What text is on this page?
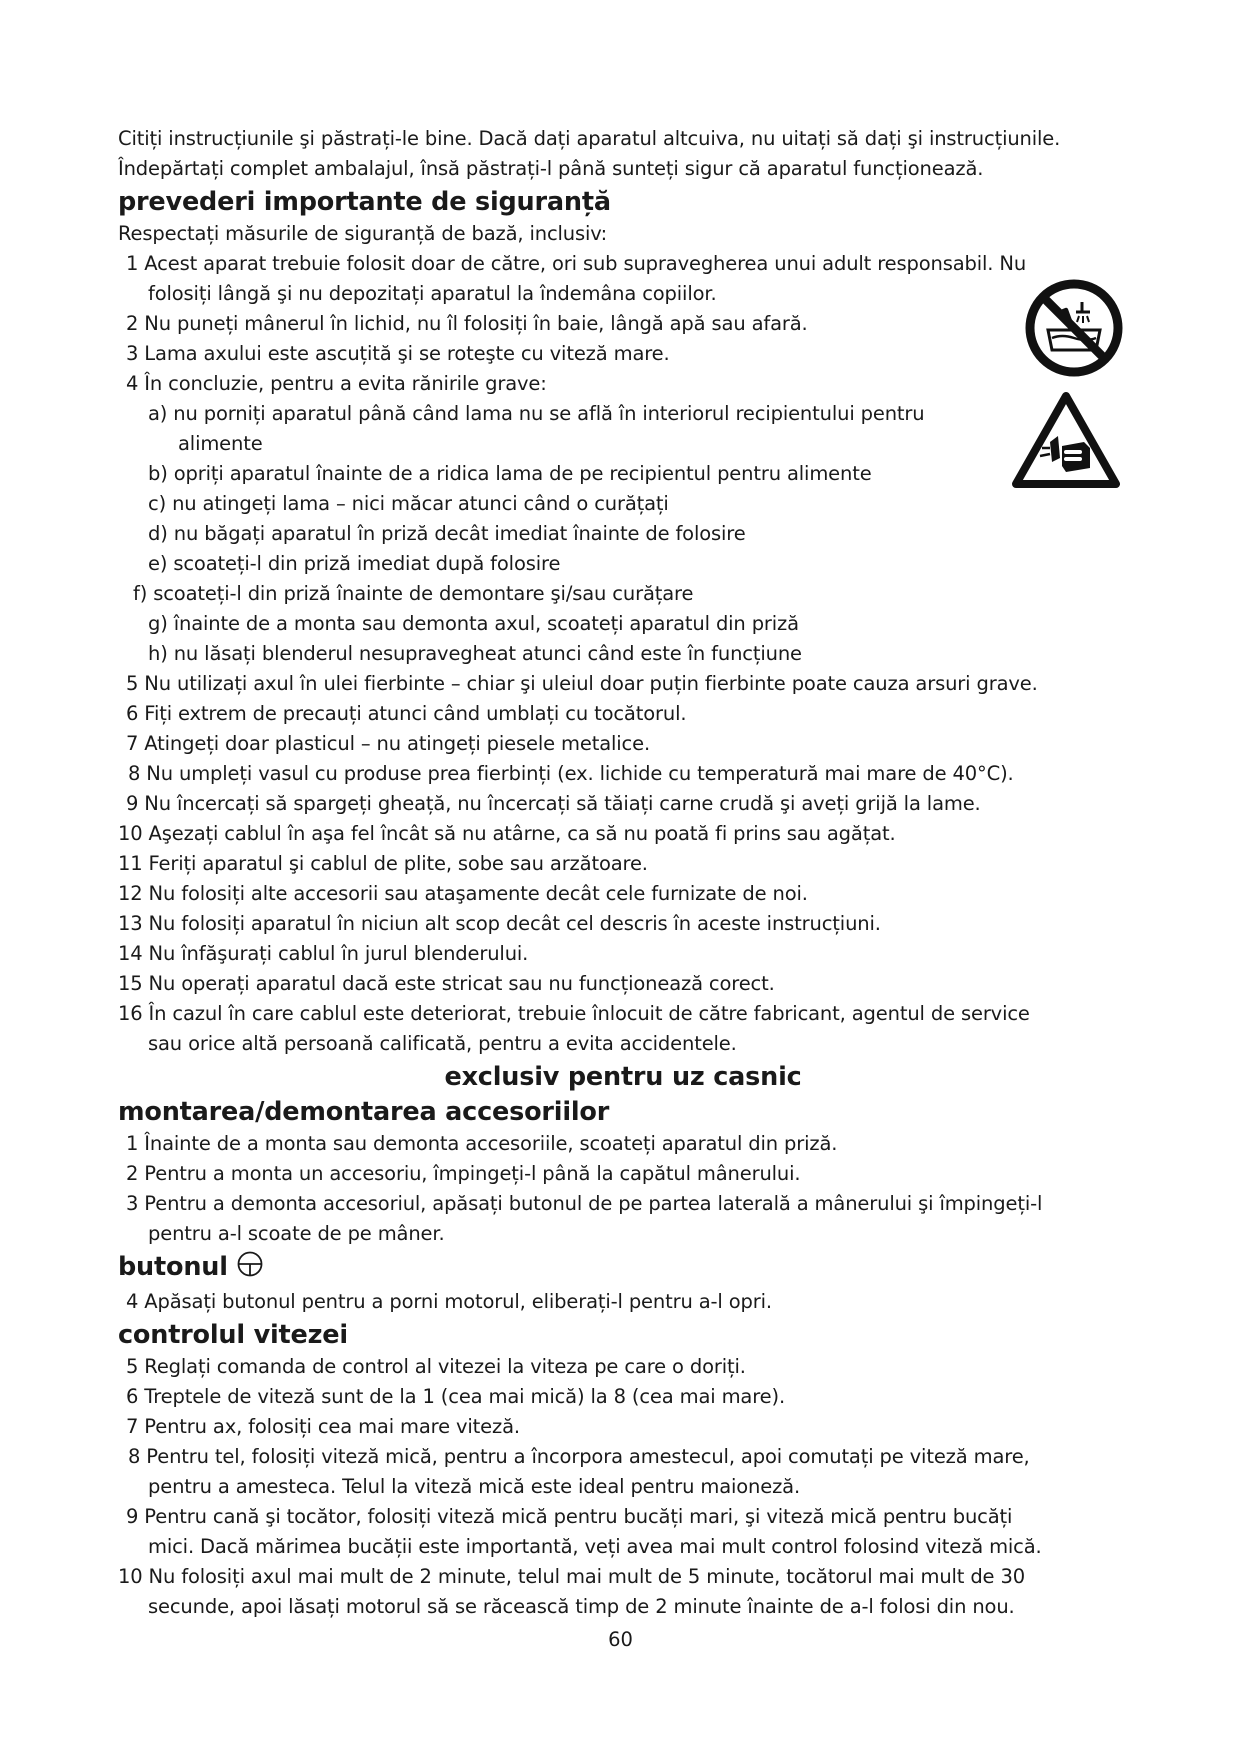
Citiți instrucțiunile şi păstrați-le bine. Dacă dați aparatul altcuiva, nu uitați să dați şi instrucțiunile.
Îndepărtați complet ambalajul, însă păstrați-l până sunteți sigur că aparatul funcționează.
prevederi importante de siguranță
Respectați măsurile de siguranță de bază, inclusiv:
1 Acest aparat trebuie folosit doar de către, ori sub supravegherea unui adult responsabil. Nu
folosiți lângă şi nu depozitați aparatul la îndemâna copiilor.
2 Nu puneți mânerul în lichid, nu îl folosiți în baie, lângă apă sau afară.
3 Lama axului este ascuțită şi se roteşte cu viteză mare.
4 În concluzie, pentru a evita rănirile grave:
a) nu porniți aparatul până când lama nu se află în interiorul recipientului pentru
alimente
b) opriți aparatul înainte de a ridica lama de pe recipientul pentru alimente
c) nu atingeți lama – nici măcar atunci când o curățați
d) nu băgați aparatul în priză decât imediat înainte de folosire
e) scoateți-l din priză imediat după folosire
f) scoateți-l din priză înainte de demontare şi/sau curățare
g) înainte de a monta sau demonta axul, scoateți aparatul din priză
h) nu lăsați blenderul nesupravegheat atunci când este în funcțiune
5 Nu utilizați axul în ulei fierbinte – chiar şi uleiul doar puțin fierbinte poate cauza arsuri grave.
6 Fiți extrem de precauți atunci când umblați cu tocătorul.
7 Atingeți doar plasticul – nu atingeți piesele metalice.
8 Nu umpleți vasul cu produse prea fierbinți (ex. lichide cu temperatură mai mare de 40°C).
9 Nu încercați să spargeți gheață, nu încercați să tăiați carne crudă şi aveți grijă la lame.
10 Aşezați cablul în aşa fel încât să nu atârne, ca să nu poată fi prins sau agățat.
11 Feriți aparatul şi cablul de plite, sobe sau arzătoare.
12 Nu folosiți alte accesorii sau ataşamente decât cele furnizate de noi.
13 Nu folosiți aparatul în niciun alt scop decât cel descris în aceste instrucțiuni.
14 Nu înfăşurați cablul în jurul blenderului.
15 Nu operați aparatul dacă este stricat sau nu funcționează corect.
16 În cazul în care cablul este deteriorat, trebuie înlocuit de către fabricant, agentul de service
sau orice altă persoană calificată, pentru a evita accidentele.
exclusiv pentru uz casnic
montarea/demontarea accesoriilor
1 Înainte de a monta sau demonta accesoriile, scoateți aparatul din priză.
2 Pentru a monta un accesoriu, împingeți-l până la capătul mânerului.
3 Pentru a demonta accesoriul, apăsați butonul de pe partea laterală a mânerului şi împingeți-l
pentru a-l scoate de pe mâner.
butonul
4 Apăsați butonul pentru a porni motorul, eliberați-l pentru a-l opri.
controlul vitezei
5 Reglați comanda de control al vitezei la viteza pe care o doriți.
6 Treptele de viteză sunt de la 1 (cea mai mică) la 8 (cea mai mare).
7 Pentru ax, folosiți cea mai mare viteză.
8 Pentru tel, folosiți viteză mică, pentru a încorpora amestecul, apoi comutați pe viteză mare,
pentru a amesteca. Telul la viteză mică este ideal pentru maioneză.
9 Pentru cană şi tocător, folosiți viteză mică pentru bucăți mari, şi viteză mică pentru bucăți
mici. Dacă mărimea bucății este importantă, veți avea mai mult control folosind viteză mică.
10 Nu folosiți axul mai mult de 2 minute, telul mai mult de 5 minute, tocătorul mai mult de 30
secunde, apoi lăsați motorul să se răcească timp de 2 minute înainte de a-l folosi din nou.
60
